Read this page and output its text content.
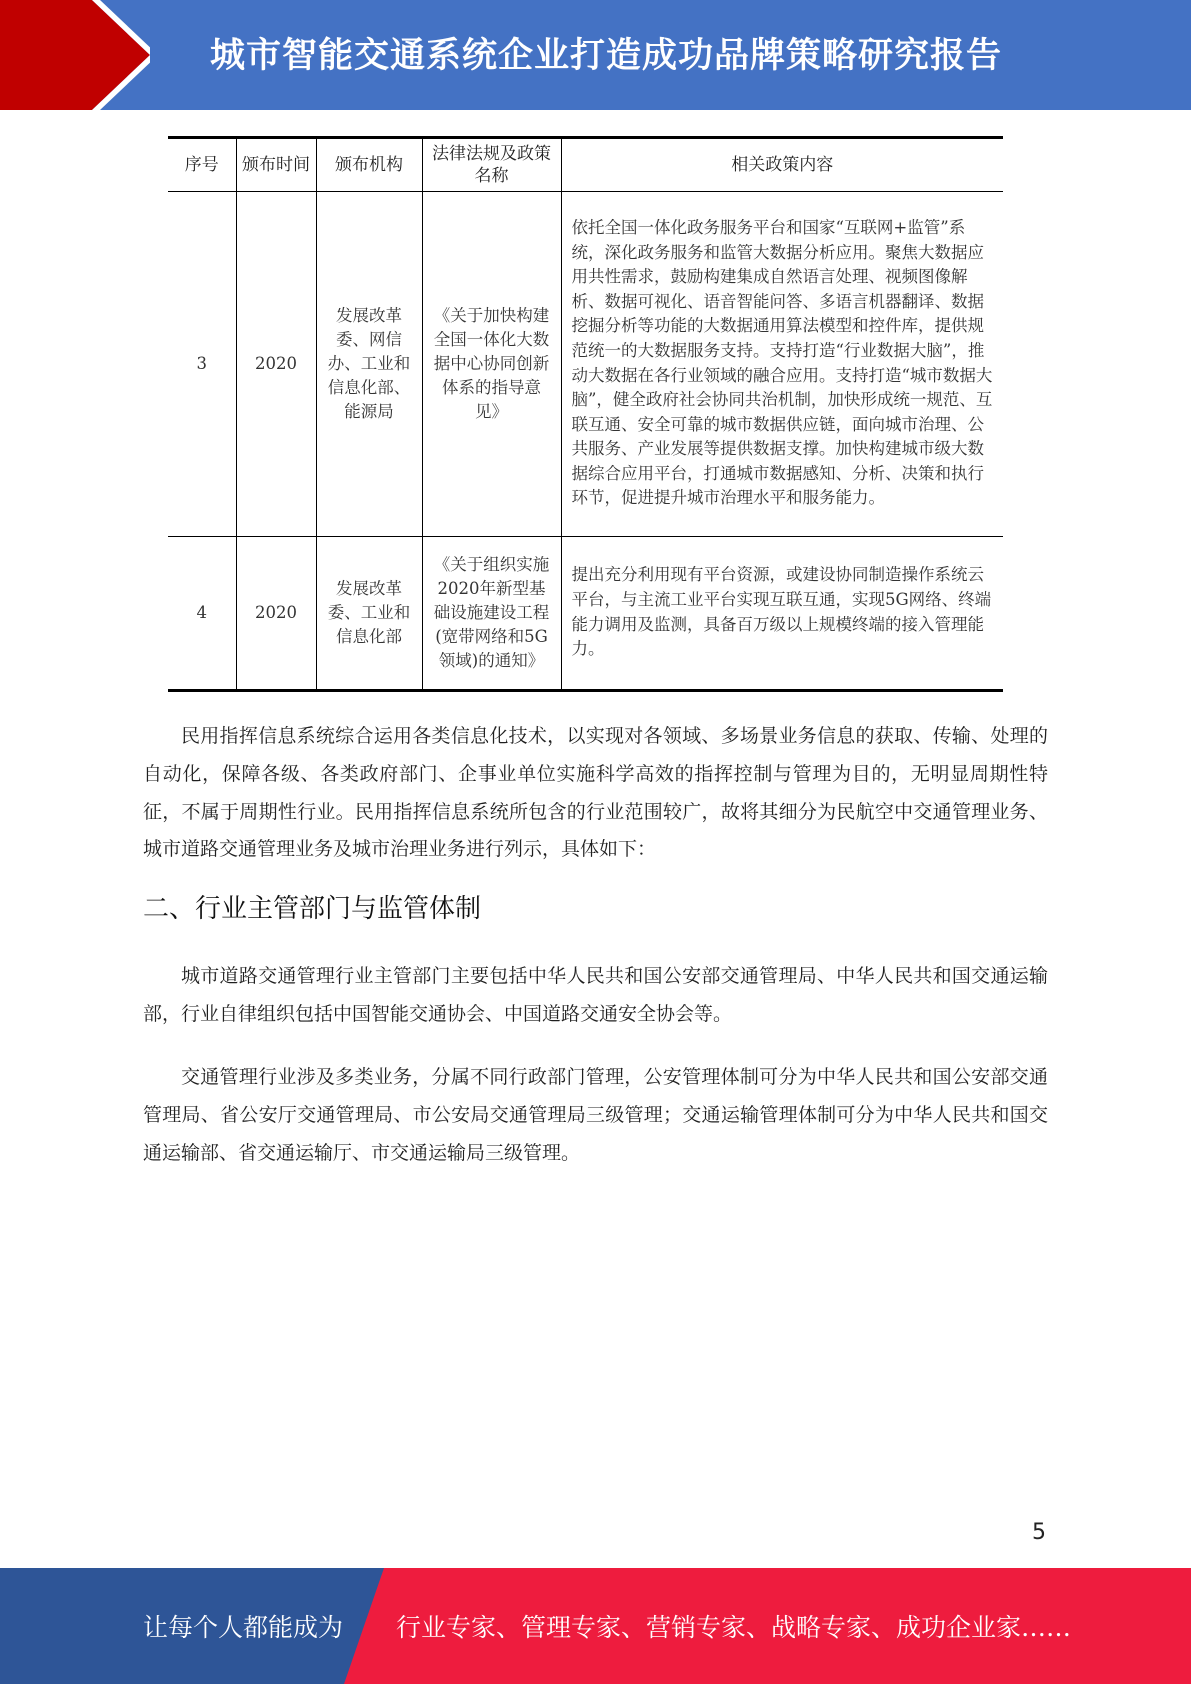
城市智能交通系统企业打造成功品牌策略研究报告
序号	颁布时间	颁布机构	法律法规及政策名称	相关政策内容
3	2020	发展改革委、网信办、工业和信息化部、能源局	《关于加快构建全国一体化大数据中心协同创新体系的指导意见》	依托全国一体化政务服务平台和国家“互联网+监管”系统，深化政务服务和监管大数据分析应用。聚焦大数据应用共性需求，鼓励构建集成自然语言处理、视频图像解析、数据可视化、语音智能问答、多语言机器翻译、数据挖掘分析等功能的大数据通用算法模型和控件库，提供规范统一的大数据服务支持。支持打造“行业数据大脑”，推动大数据在各行业领域的融合应用。支持打造“城市数据大脑”，健全政府社会协同共治机制，加快形成统一规范、互联互通、安全可靠的城市数据供应链，面向城市治理、公共服务、产业发展等提供数据支撑。加快构建城市级大数据综合应用平台，打通城市数据感知、分析、决策和执行环节，促进提升城市治理水平和服务能力。
4	2020	发展改革委、工业和信息化部	《关于组织实施2020年新型基础设施建设工程(宽带网络和5G领域)的通知》	提出充分利用现有平台资源，或建设协同制造操作系统云平台，与主流工业平台实现互联互通，实现5G网络、终端能力调用及监测，具备百万级以上规模终端的接入管理能力。

民用指挥信息系统综合运用各类信息化技术，以实现对各领域、多场景业务信息的获取、传输、处理的自动化，保障各级、各类政府部门、企事业单位实施科学高效的指挥控制与管理为目的，无明显周期性特征，不属于周期性行业。民用指挥信息系统所包含的行业范围较广，故将其细分为民航空中交通管理业务、城市道路交通管理业务及城市治理业务进行列示，具体如下：

二、行业主管部门与监管体制

城市道路交通管理行业主管部门主要包括中华人民共和国公安部交通管理局、中华人民共和国交通运输部，行业自律组织包括中国智能交通协会、中国道路交通安全协会等。

交通管理行业涉及多类业务，分属不同行政部门管理，公安管理体制可分为中华人民共和国公安部交通管理局、省公安厅交通管理局、市公安局交通管理局三级管理；交通运输管理体制可分为中华人民共和国交通运输部、省交通运输厅、市交通运输局三级管理。

5
让每个人都能成为 行业专家、管理专家、营销专家、战略专家、成功企业家……
